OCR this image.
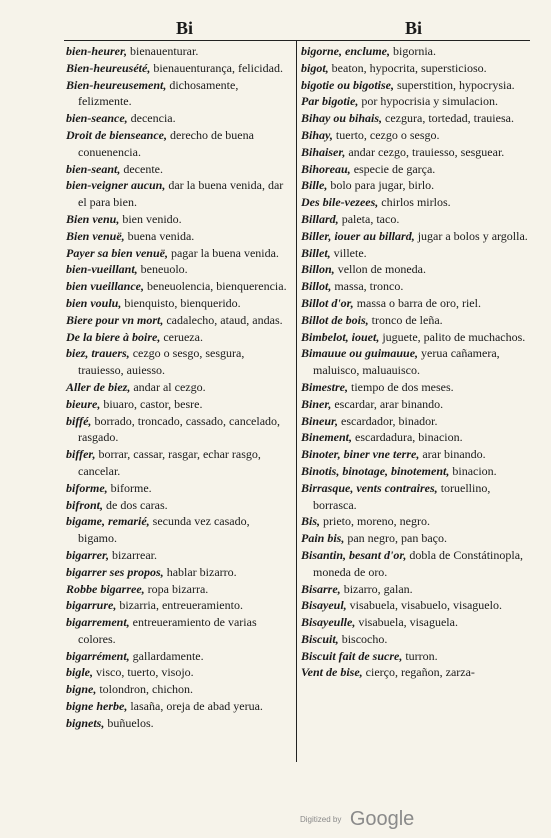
Bi	Bi

bien-heurer, bienauenturar.

Bien-heureusété, bienauenturança, felicidad.

Bien-heureusement, dichosamente, felizmente.

bien-seance, decencia.

Droit de bienseance, derecho de buena conuenencia.

bien-seant, decente.

bien-veigner aucun, dar la buena venida, dar el para bien.

Bien venu, bien venido.

Bien venuë, buena venida.

Payer sa bien venuë, pagar la buena venida.

bien-vueillant, beneuolo.

bien vueillance, beneuolencia, bienquerencia.

bien voulu, bienquisto, bienquerido.

Biere pour vn mort, cadalecho, ataud, andas.

De la biere à boire, cerueza.

biez, trauers, cezgo o sesgo, sesgura, trauiesso, auiesso.

Aller de biez, andar al cezgo.

bieure, biuaro, castor, besre.

biffé, borrado, troncado, cassado, cancelado, rasgado.

biffer, borrar, cassar, rasgar, echar rasgo, cancelar.

biforme, biforme.

bifront, de dos caras.

bigame, remarié, secunda vez casado, bigamo.

bigarrer, bizarrear.

bigarrer ses propos, hablar bizarro.

Robbe bigarree, ropa bizarra.

bigarrure, bizarria, entreueramiento.

bigarrement, entreueramiento de varias colores.

bigarrément, gallardamente.

bigle, visco, tuerto, visojo.

bigne, tolondron, chichon.

bigne herbe, lasaña, oreja de abad yerua.

bignets, buñuelos.

bigorne, enclume, bigornia.

bigot, beaton, hypocrita, supersticioso.

bigotie ou bigotise, superstition, hypocrysia.

Par bigotie, por hypocrisia y simulacion.

Bihay ou bihais, cezgura, tortedad, trauiesa.

Bihay, tuerto, cezgo o sesgo.

Bihaiser, andar cezgo, trauiesso, sesguear.

Bihoreau, especie de garça.

Bille, bolo para jugar, birlo.

Des bile-vezees, chirlos mirlos.

Billard, paleta, taco.

Biller, iouer au billard, jugar a bolos y argolla.

Billet, villete.

Billon, vellon de moneda.

Billot, massa, tronco.

Billot d'or, massa o barra de oro, riel.

Billot de bois, tronco de leña.

Bimbelot, iouet, juguete, palito de muchachos.

Bimauue ou guimauue, yerua cañamera, maluisco, maluauisco.

Bimestre, tiempo de dos meses.

Biner, escardar, arar binando.

Bineur, escardador, binador.

Binement, escardadura, binacion.

Binoter, biner vne terre, arar binando.

Binotis, binotage, binotement, binacion.

Birrasque, vents contraires, toruellino, borrasca.

Bis, prieto, moreno, negro.

Pain bis, pan negro, pan baço.

Bisantin, besant d'or, dobla de Constátinopla, moneda de oro.

Bisarre, bizarro, galan.

Bisayeul, visabuela, visabuelo, visaguelo.

Bisayeulle, visabuela, visaguela.

Biscuit, biscocho.

Biscuit fait de sucre, turron.

Vent de bise, cierço, regañon, zarza-

Digitized by Google
